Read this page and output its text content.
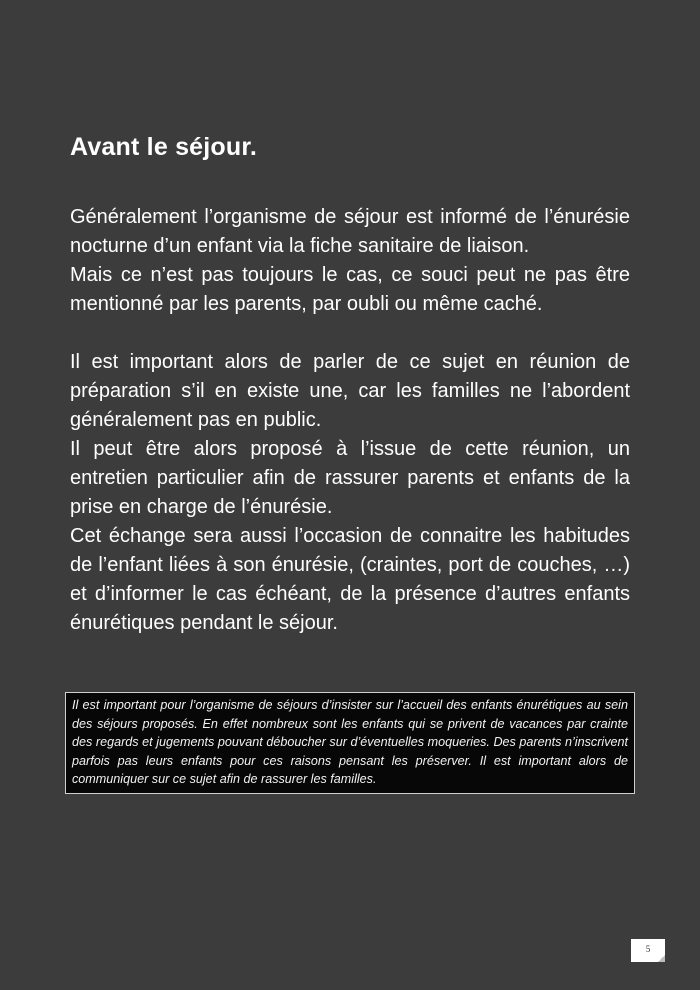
Avant le séjour.

Généralement l’organisme de séjour est informé de l’énurésie nocturne d’un enfant via la fiche sanitaire de liaison.

Mais ce n’est pas toujours le cas, ce souci peut ne pas être mentionné par les parents, par oubli ou même caché.

Il est important alors de parler de ce sujet en réunion de préparation s’il en existe une, car les familles ne l’abordent généralement pas en public.

Il peut être alors proposé à l’issue de cette réunion, un entretien particulier afin de rassurer parents et enfants de la prise en charge de l’énurésie.

Cet échange sera aussi l’occasion de connaitre les habitudes de l’enfant liées à son énurésie, (craintes, port de couches, …) et d’informer le cas échéant, de la présence d’autres enfants énurétiques pendant le séjour.

Il est important pour l’organisme de séjours d’insister sur l’accueil des enfants énurétiques au sein des séjours proposés. En effet nombreux sont les enfants qui se privent de vacances par crainte des regards et jugements pouvant déboucher sur d’éventuelles moqueries. Des parents n’inscrivent parfois pas leurs enfants pour ces raisons pensant les préserver. Il est important alors de communiquer sur ce sujet afin de rassurer les familles.
5
